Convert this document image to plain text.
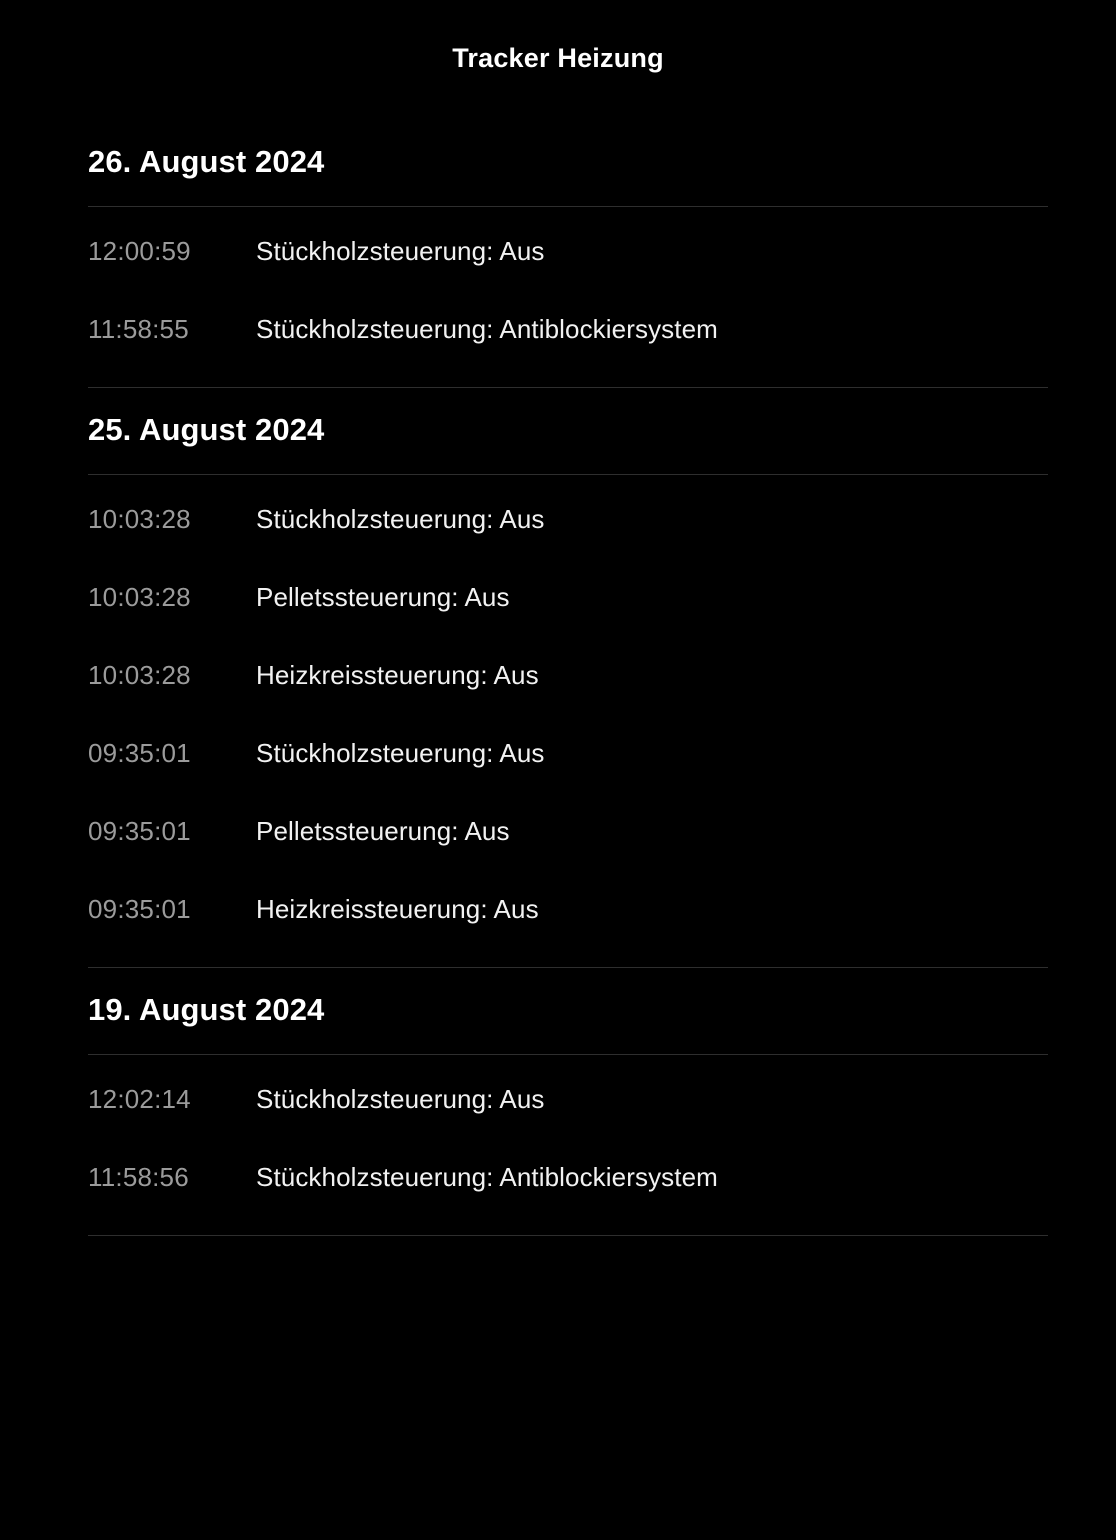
Tracker Heizung
26. August 2024
12:00:59	Stückholzsteuerung: Aus
11:58:55	Stückholzsteuerung: Antiblockiersystem
25. August 2024
10:03:28	Stückholzsteuerung: Aus
10:03:28	Pelletssteuerung: Aus
10:03:28	Heizkreissteuerung: Aus
09:35:01	Stückholzsteuerung: Aus
09:35:01	Pelletssteuerung: Aus
09:35:01	Heizkreissteuerung: Aus
19. August 2024
12:02:14	Stückholzsteuerung: Aus
11:58:56	Stückholzsteuerung: Antiblockiersystem
